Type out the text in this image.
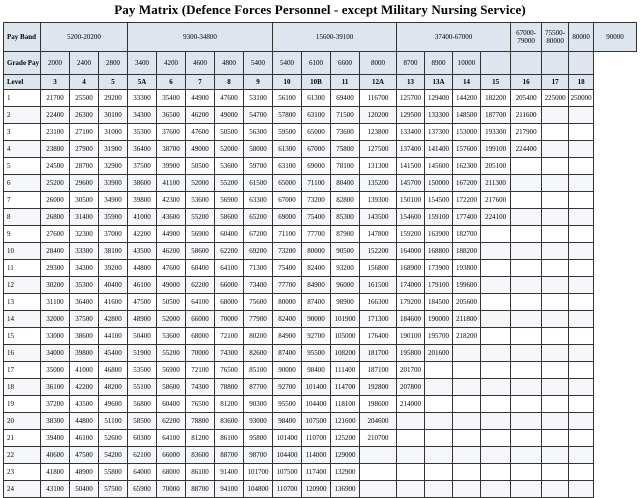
Pay Matrix (Defence Forces Personnel - except Military Nursing Service)
Pay Band	5200-20200			9300-34800					15600-39100				37400-67000				67000-79000	75500-80000	80000	90000

Grade Pay	2000	2400	2800	3400	4200	4600	4800	5400	5400	6100	6600	8000	8700	8900	10000					
Level	3	4	5	5A	6	7	8	9	10	10B	11	12A	13	13A	14	15	16	17	18	
1	21700	25500	29200	33300	35400	44900	47600	53100	56100	61300	69400	116700	125700	129400	144200	182200	205400	225000	250000	
2	22400	26300	30100	34300	36500	46200	49000	54700	57800	63100	71500	120200	129500	133300	148500	187700	211600			
3	23100	27100	31000	35300	37600	47600	50500	56300	59500	65000	73600	123800	133400	137300	153000	193300	217900			
4	23800	27900	31900	36400	38700	49000	52000	58000	61300	67000	75800	127500	137400	141400	157600	199100	224400			
5	24500	28700	32900	37500	39900	50500	53600	59700	63100	69000	78100	131300	141500	145600	162300	205100				
6	25200	29600	33900	38600	41100	52000	55200	61500	65000	71100	80400	135200	145700	150000	167200	211300				
7	26000	30500	34900	39800	42300	53600	56900	63300	67000	73200	82800	139300	150100	154500	172200	217600				
8	26800	31400	35900	41000	43600	55200	58600	65200	69000	75400	85300	143500	154600	159100	177400	224100				
9	27600	32300	37000	42200	44900	56900	60400	67200	71100	77700	87900	147800	159200	163900	182700					
10	28400	33300	38100	43500	46200	58600	62200	69200	73200	80000	90500	152200	164000	168800	188200					
11	29300	34300	39200	44800	47600	60400	64100	71300	75400	82400	93200	156800	168900	173900	193800					
12	30200	35300	40400	46100	49000	62200	66000	73400	77700	84900	96000	161500	174000	179100	199600					
13	31100	36400	41600	47500	50500	64100	68000	75600	80000	87400	98900	166300	179200	184500	205600					
14	32000	37500	42800	48900	52000	66000	70000	77900	82400	90000	101900	171300	184600	190000	211800					
15	33000	38600	44100	50400	53600	68000	72100	80200	84900	92700	105000	176400	190100	195700	218200					
16	34000	39800	45400	51900	55200	70000	74300	82600	87400	95500	108200	181700	195800	201600						
17	35000	41000	46800	53500	56900	72100	76500	85100	90000	98400	111400	187100	201700							
18	36100	42200	48200	55100	58600	74300	78800	87700	92700	101400	114700	192800	207800							
19	37200	43500	49600	56800	60400	76500	81200	90300	95500	104400	118100	198600	214000							
20	38300	44800	51100	58500	62200	78800	83600	93000	98400	107500	121600	204600								
21	39400	46100	52600	60300	64100	81200	86100	95800	101400	110700	125200	210700								
22	40600	47500	54200	62100	66000	83600	88700	98700	104400	114000	129000									
23	41800	48900	55800	64000	68000	86100	91400	101700	107500	117400	132900									
24	43100	50400	57500	65900	70000	88700	94100	104800	110700	120900	136900									
